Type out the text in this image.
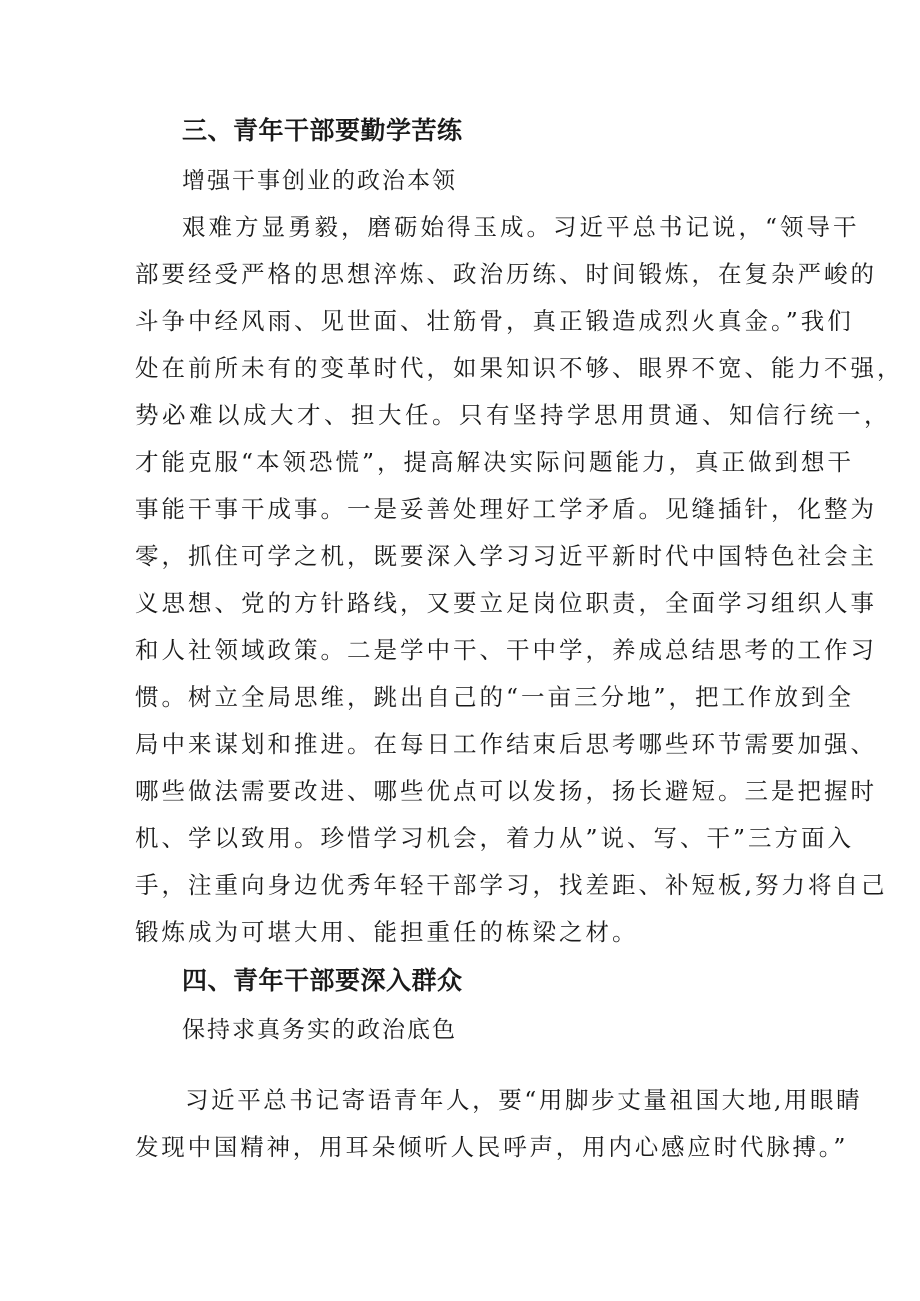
三、青年干部要勤学苦练
增强干事创业的政治本领
艰难方显勇毅，磨砺始得玉成。习近平总书记说，“领导干
部要经受严格的思想淬炼、政治历练、时间锻炼，在复杂严峻的
斗争中经风雨、见世面、壮筋骨，真正锻造成烈火真金。”我们
处在前所未有的变革时代，如果知识不够、眼界不宽、能力不强，
势必难以成大才、担大任。只有坚持学思用贯通、知信行统一，
才能克服“本领恐慌”，提高解决实际问题能力，真正做到想干
事能干事干成事。一是妥善处理好工学矛盾。见缝插针，化整为
零，抓住可学之机，既要深入学习习近平新时代中国特色社会主
义思想、党的方针路线，又要立足岗位职责，全面学习组织人事
和人社领域政策。二是学中干、干中学，养成总结思考的工作习
惯。树立全局思维，跳出自己的“一亩三分地”，把工作放到全
局中来谋划和推进。在每日工作结束后思考哪些环节需要加强、
哪些做法需要改进、哪些优点可以发扬，扬长避短。三是把握时
机、学以致用。珍惜学习机会，着力从”说、写、干”三方面入
手，注重向身边优秀年轻干部学习，找差距、补短板,努力将自己
锻炼成为可堪大用、能担重任的栋梁之材。
四、青年干部要深入群众
保持求真务实的政治底色
习近平总书记寄语青年人，要“用脚步丈量祖国大地,用眼睛
发现中国精神，用耳朵倾听人民呼声，用内心感应时代脉搏。”
